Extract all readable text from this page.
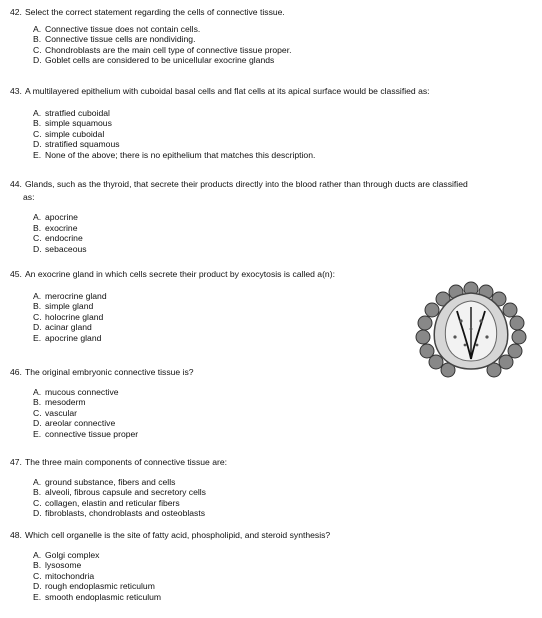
42. Select the correct statement regarding the cells of connective tissue.

A. Connective tissue does not contain cells.
B. Connective tissue cells are nondividing.
C. Chondroblasts are the main cell type of connective tissue proper.
D. Goblet cells are considered to be unicellular exocrine glands

43. A multilayered epithelium with cuboidal basal cells and flat cells at its apical surface would be classified as:

A. stratfied cuboidal
B. simple squamous
C. simple cuboidal
D. stratified squamous
E. None of the above; there is no epithelium that matches this description.

44. Glands, such as the thyroid, that secrete their products directly into the blood rather than through ducts are classified
as:

A. apocrine
B. exocrine
C. endocrine
D. sebaceous

45. An exocrine gland in which cells secrete their product by exocytosis is called a(n):

A. merocrine gland
B. simple gland
C. holocrine gland
D. acinar gland
E. apocrine gland

46. The original embryonic connective tissue is?

A. mucous connective
B. mesoderm
C. vascular
D. areolar connective
E. connective tissue proper

47. The three main components of connective tissue are:

A. ground substance, fibers and cells
B. alveoli, fibrous capsule and secretory cells
C. collagen, elastin and reticular fibers
D. fibroblasts, chondroblasts and osteoblasts

48. Which cell organelle is the site of fatty acid, phospholipid, and steroid synthesis?

A. Golgi complex
B. lysosome
C. mitochondria
D. rough endoplasmic reticulum
E. smooth endoplasmic reticulum
